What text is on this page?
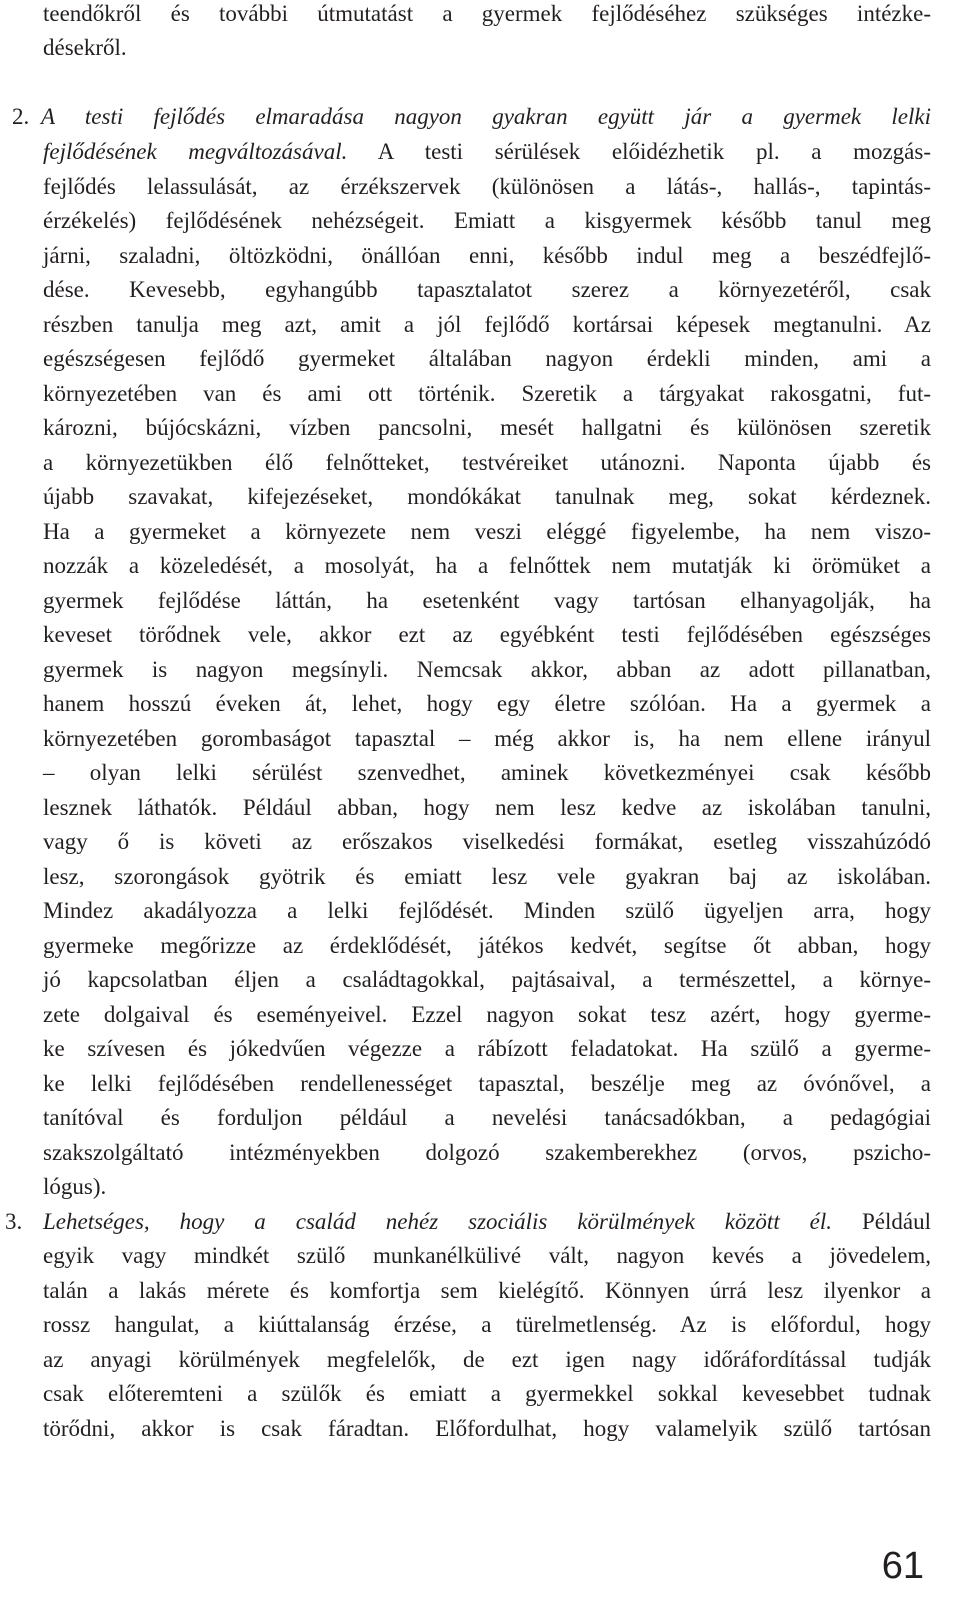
teendőkről és további útmutatást a gyermek fejlődéséhez szükséges intézke-
désekről.
2. A testi fejlődés elmaradása nagyon gyakran együtt jár a gyermek lelki
fejlődésének megváltozásával. A testi sérülések előidézhetik pl. a mozgás-
fejlődés lelassulását, az érzékszervek (különösen a látás-, hallás-, tapintás-
érzékelés) fejlődésének nehézségeit. Emiatt a kisgyermek később tanul meg
járni, szaladni, öltözködni, önállóan enni, később indul meg a beszédfejlő-
dése. Kevesebb, egyhangúbb tapasztalatot szerez a környezetéről, csak
részben tanulja meg azt, amit a jól fejlődő kortársai képesek megtanulni. Az
egészségesen fejlődő gyermeket általában nagyon érdekli minden, ami a
környezetében van és ami ott történik. Szeretik a tárgyakat rakosgatni, fut-
kározni, bújócskázni, vízben pancsolni, mesét hallgatni és különösen szeretik
a környezetükben élő felnőtteket, testvéreiket utánozni. Naponta újabb és
újabb szavakat, kifejezéseket, mondókákat tanulnak meg, sokat kérdeznek.
Ha a gyermeket a környezete nem veszi eléggé figyelembe, ha nem viszo-
nozzák a közeledését, a mosolyát, ha a felnőttek nem mutatják ki örömüket a
gyermek fejlődése láttán, ha esetenként vagy tartósan elhanyagolják, ha
keveset törődnek vele, akkor ezt az egyébként testi fejlődésében egészséges
gyermek is nagyon megsínyli. Nemcsak akkor, abban az adott pillanatban,
hanem hosszú éveken át, lehet, hogy egy életre szólóan. Ha a gyermek a
környezetében gorombaságot tapasztal – még akkor is, ha nem ellene irányul
– olyan lelki sérülést szenvedhet, aminek következményei csak később
lesznek láthatók. Például abban, hogy nem lesz kedve az iskolában tanulni,
vagy ő is követi az erőszakos viselkedési formákat, esetleg visszahúzódó
lesz, szorongások gyötrik és emiatt lesz vele gyakran baj az iskolában.
Mindez akadályozza a lelki fejlődését. Minden szülő ügyeljen arra, hogy
gyermeke megőrizze az érdeklődését, játékos kedvét, segítse őt abban, hogy
jó kapcsolatban éljen a családtagokkal, pajtásaival, a természettel, a környe-
zete dolgaival és eseményeivel. Ezzel nagyon sokat tesz azért, hogy gyerme-
ke szívesen és jókedvűen végezze a rábízott feladatokat. Ha szülő a gyerme-
ke lelki fejlődésében rendellenességet tapasztal, beszélje meg az óvónővel, a
tanítóval és forduljon például a nevelési tanácsadókban, a pedagógiai
szakszolgáltató intézményekben dolgozó szakemberekhez (orvos, pszicho-
lógus).
3. Lehetséges, hogy a család nehéz szociális körülmények között él. Például
egyik vagy mindkét szülő munkanélkülivé vált, nagyon kevés a jövedelem,
talán a lakás mérete és komfortja sem kielégítő. Könnyen úrrá lesz ilyenkor a
rossz hangulat, a kiúttalanság érzése, a türelmetlenség. Az is előfordul, hogy
az anyagi körülmények megfelelők, de ezt igen nagy időráfordítással tudják
csak előteremteni a szülők és emiatt a gyermekkel sokkal kevesebbet tudnak
törődni, akkor is csak fáradtan. Előfordulhat, hogy valamelyik szülő tartósan
61
